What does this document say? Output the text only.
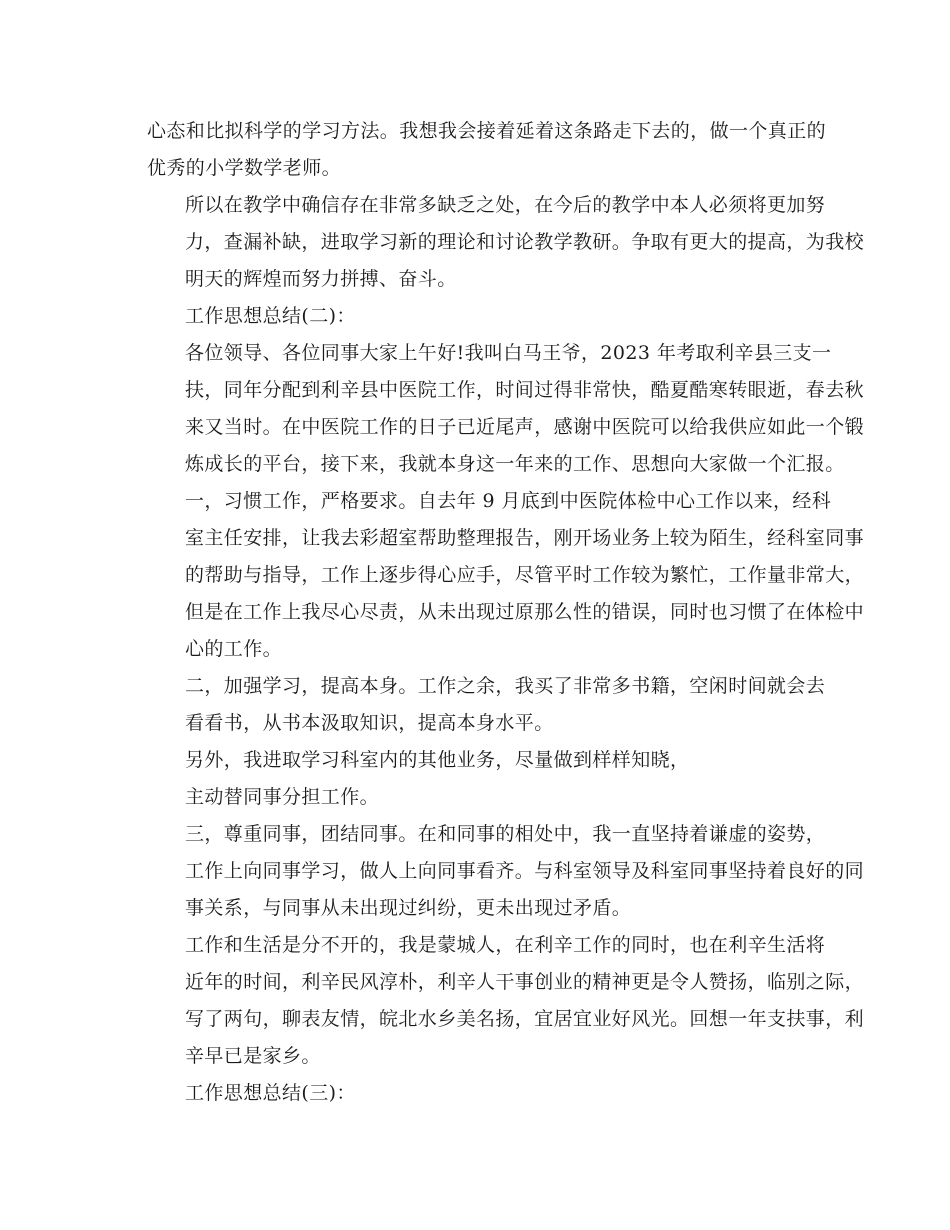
心态和比拟科学的学习方法。我想我会接着延着这条路走下去的，做一个真正的
优秀的小学数学老师。
所以在教学中确信存在非常多缺乏之处，在今后的教学中本人必须将更加努
力，查漏补缺，进取学习新的理论和讨论教学教研。争取有更大的提高，为我校
明天的辉煌而努力拼搏、奋斗。
工作思想总结(二)：
各位领导、各位同事大家上午好!我叫白马王爷，2023 年考取利辛县三支一
扶，同年分配到利辛县中医院工作，时间过得非常快，酷夏酷寒转眼逝，春去秋
来又当时。在中医院工作的日子已近尾声，感谢中医院可以给我供应如此一个锻
炼成长的平台，接下来，我就本身这一年来的工作、思想向大家做一个汇报。
一，习惯工作，严格要求。自去年 9 月底到中医院体检中心工作以来，经科
室主任安排，让我去彩超室帮助整理报告，刚开场业务上较为陌生，经科室同事
的帮助与指导，工作上逐步得心应手，尽管平时工作较为繁忙，工作量非常大，
但是在工作上我尽心尽责，从未出现过原那么性的错误，同时也习惯了在体检中
心的工作。
二，加强学习，提高本身。工作之余，我买了非常多书籍，空闲时间就会去
看看书，从书本汲取知识，提高本身水平。
另外，我进取学习科室内的其他业务，尽量做到样样知晓，
主动替同事分担工作。
三，尊重同事，团结同事。在和同事的相处中，我一直坚持着谦虚的姿势，
工作上向同事学习，做人上向同事看齐。与科室领导及科室同事坚持着良好的同
事关系，与同事从未出现过纠纷，更未出现过矛盾。
工作和生活是分不开的，我是蒙城人，在利辛工作的同时，也在利辛生活将
近年的时间，利辛民风淳朴，利辛人干事创业的精神更是令人赞扬，临别之际，
写了两句，聊表友情，皖北水乡美名扬，宜居宜业好风光。回想一年支扶事，利
辛早已是家乡。
工作思想总结(三)：
